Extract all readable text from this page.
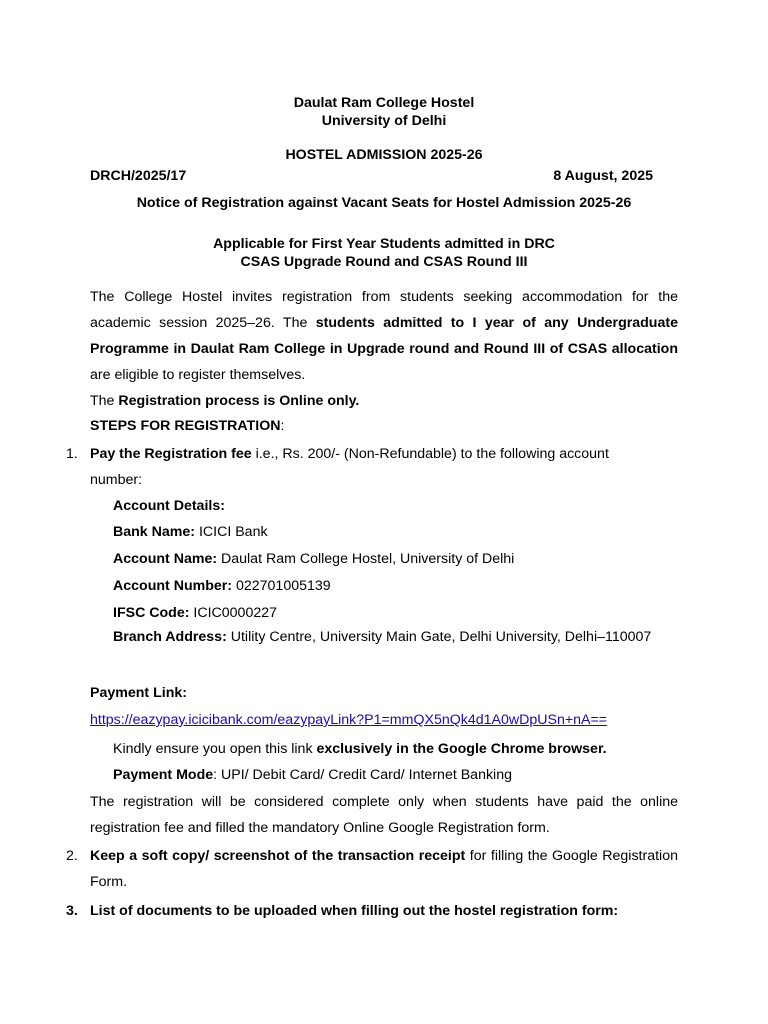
Daulat Ram College Hostel
University of Delhi
HOSTEL ADMISSION 2025-26
DRCH/2025/17	8 August, 2025
Notice of Registration against Vacant Seats for Hostel Admission 2025-26
Applicable for First Year Students admitted in DRC
CSAS Upgrade Round and CSAS Round III
The College Hostel invites registration from students seeking accommodation for the academic session 2025–26. The students admitted to I year of any Undergraduate Programme in Daulat Ram College in Upgrade round and Round III of CSAS allocation are eligible to register themselves.
The Registration process is Online only.
STEPS FOR REGISTRATION:
1. Pay the Registration fee i.e., Rs. 200/- (Non-Refundable) to the following account
number:
Account Details:
Bank Name: ICICI Bank
Account Name: Daulat Ram College Hostel, University of Delhi
Account Number: 022701005139
IFSC Code: ICIC0000227
Branch Address: Utility Centre, University Main Gate, Delhi University, Delhi–110007
Payment Link:
https://eazypay.icicibank.com/eazypayLink?P1=mmQX5nQk4d1A0wDpUSn+nA==
Kindly ensure you open this link exclusively in the Google Chrome browser.
Payment Mode: UPI/ Debit Card/ Credit Card/ Internet Banking
The registration will be considered complete only when students have paid the online registration fee and filled the mandatory Online Google Registration form.
2. Keep a soft copy/ screenshot of the transaction receipt for filling the Google Registration Form.
3. List of documents to be uploaded when filling out the hostel registration form:
